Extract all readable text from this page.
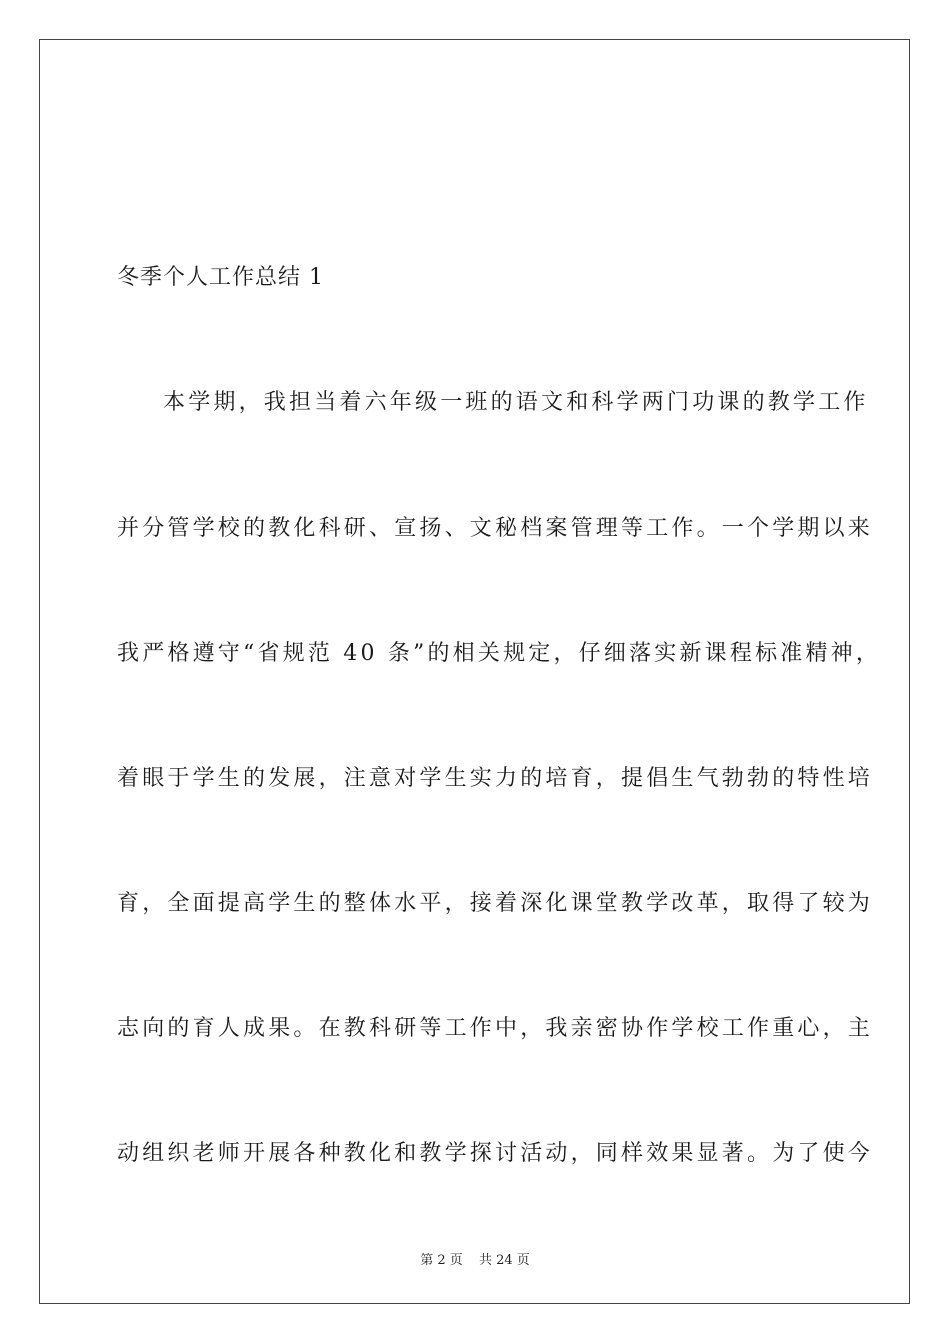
冬季个人工作总结 1
本学期，我担当着六年级一班的语文和科学两门功课的教学工作
并分管学校的教化科研、宣扬、文秘档案管理等工作。一个学期以来
我严格遵守“省规范 40 条”的相关规定，仔细落实新课程标准精神，
着眼于学生的发展，注意对学生实力的培育，提倡生气勃勃的特性培
育，全面提高学生的整体水平，接着深化课堂教学改革，取得了较为
志向的育人成果。在教科研等工作中，我亲密协作学校工作重心，主
动组织老师开展各种教化和教学探讨活动，同样效果显著。为了使今
第 2 页 共 24 页
